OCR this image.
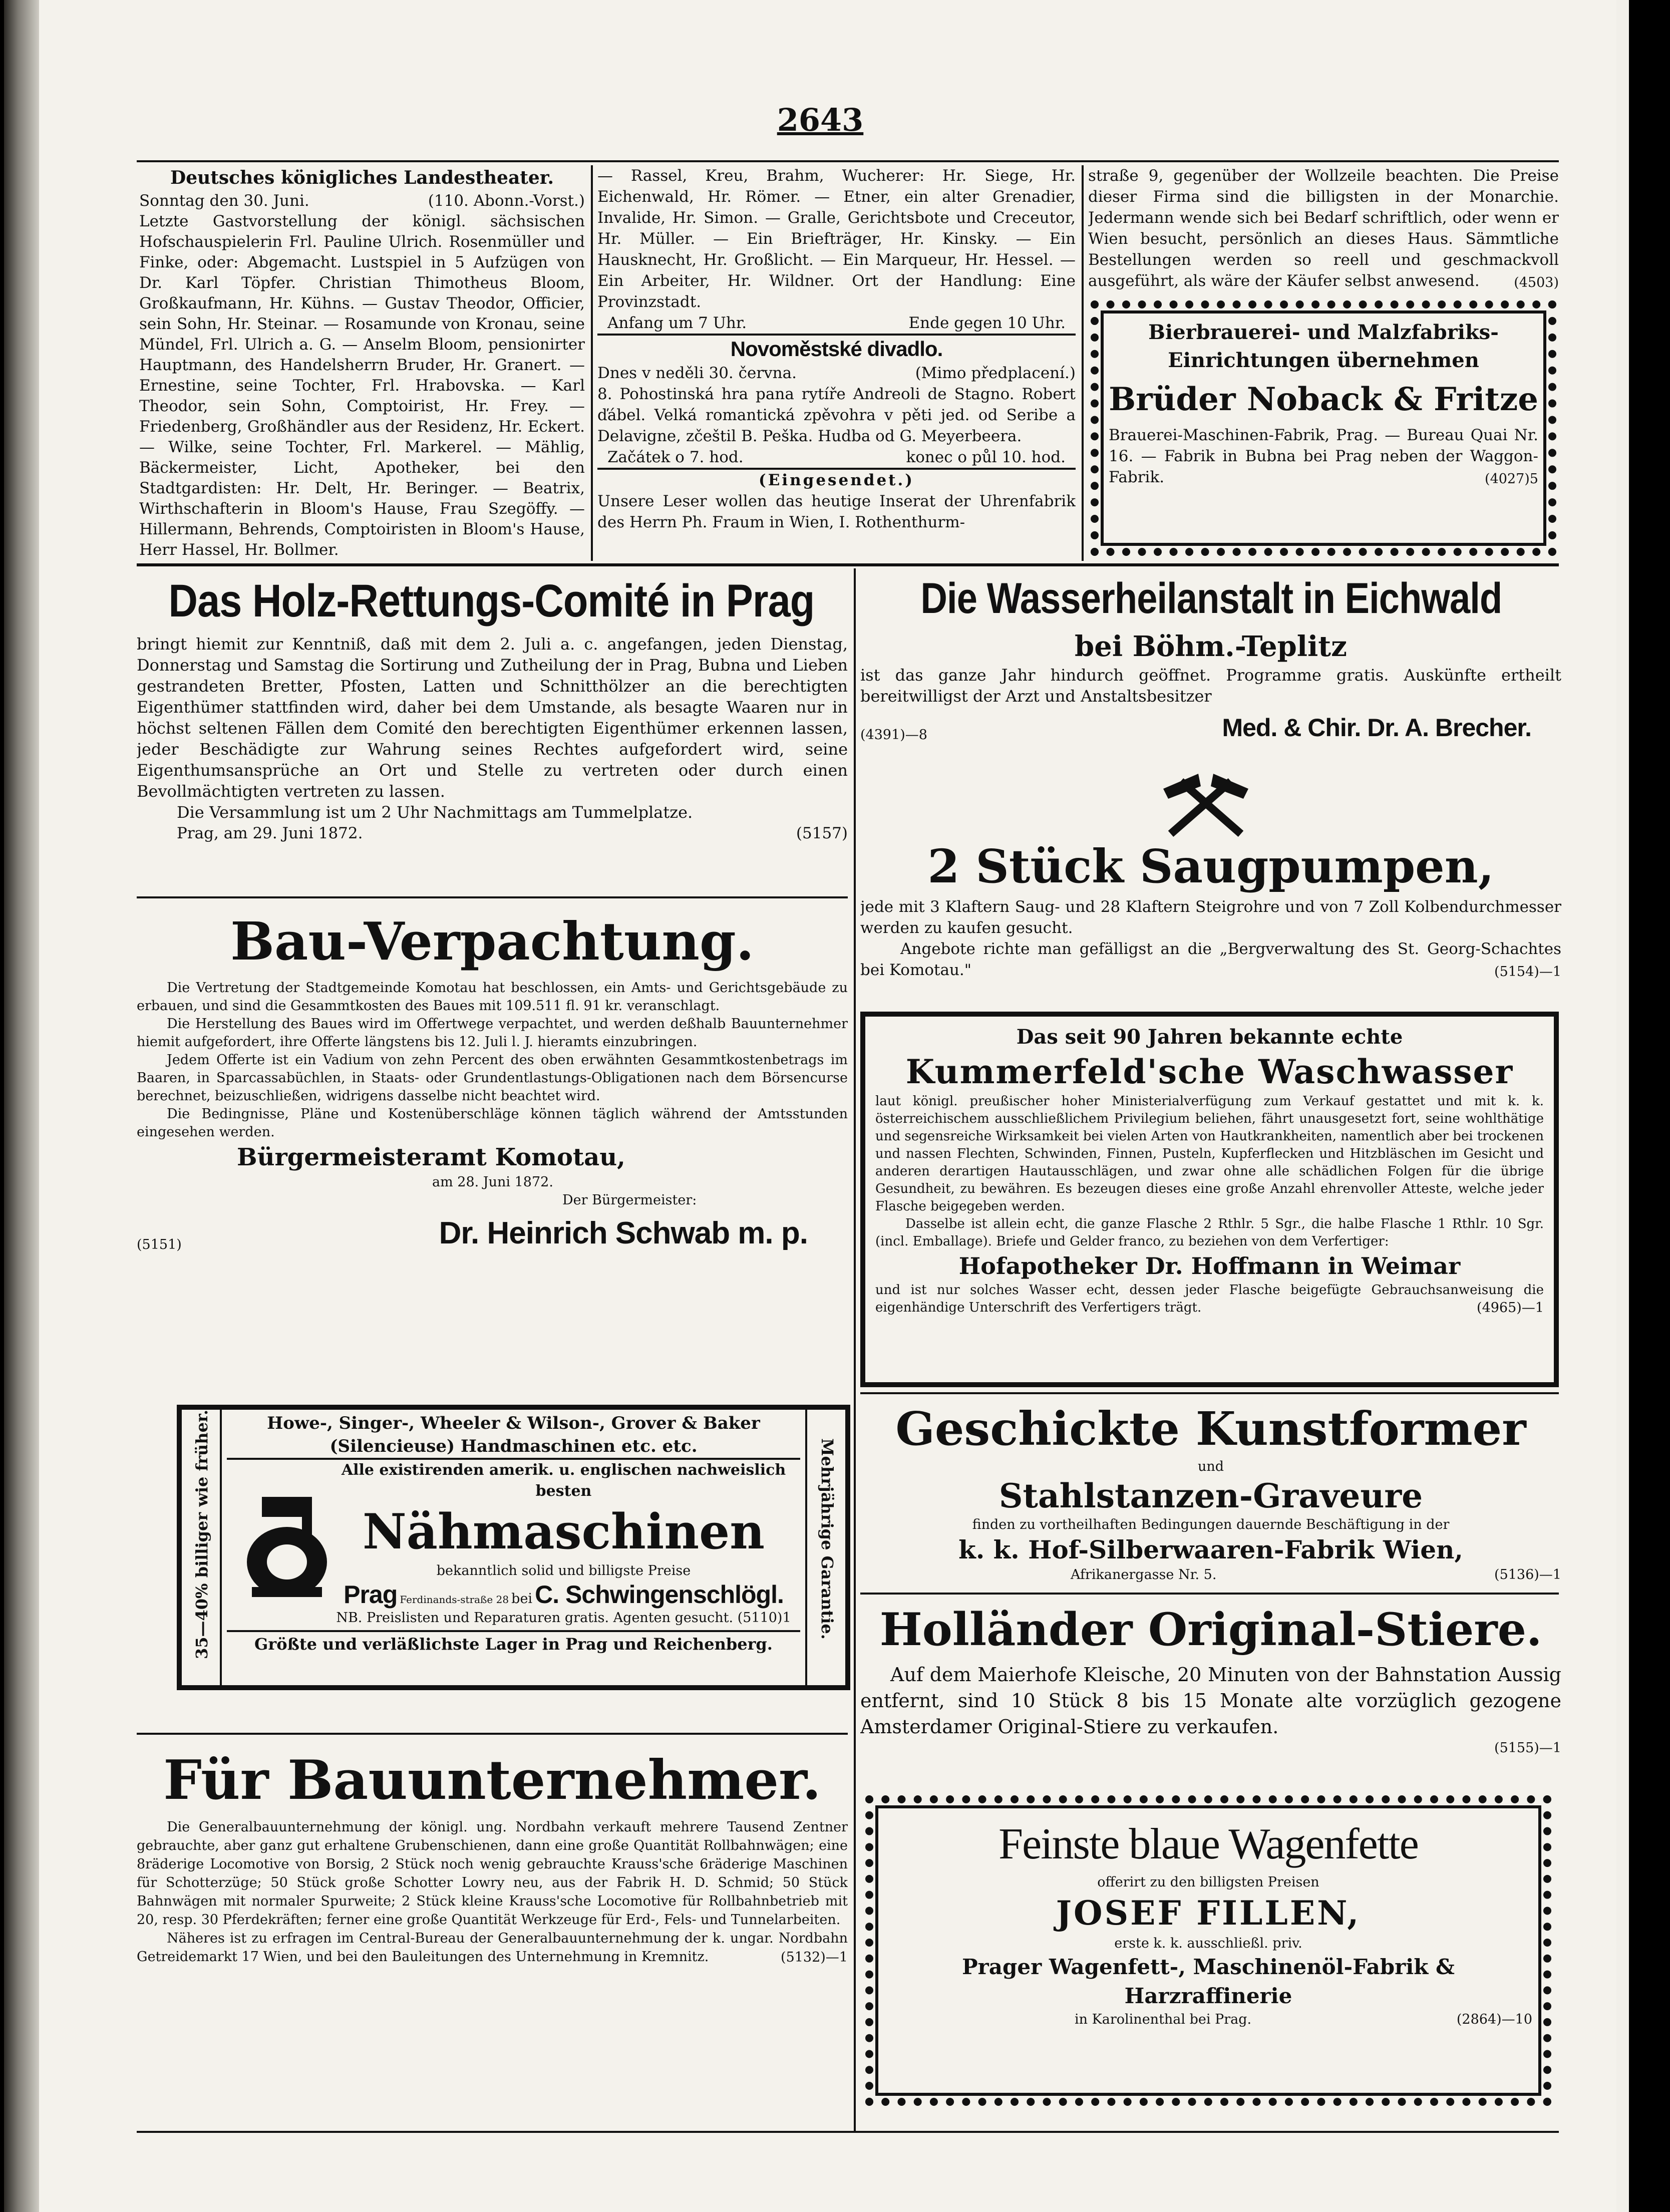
2643
Deutsches königliches Landestheater.
Sonntag den 30. Juni.	(110. Abonn.-Vorst.)
Letzte Gastvorstellung der königl. sächsischen Hofschauspielerin Frl. Pauline Ulrich. Rosenmüller und Finke, oder: Abgemacht. Lustspiel in 5 Aufzügen von Dr. Karl Töpfer. Christian Thimotheus Bloom, Großkaufmann, Hr. Kühns. — Gustav Theodor, Officier, sein Sohn, Hr. Steinar. — Rosamunde von Kronau, seine Mündel, Frl. Ulrich a. G. — Anselm Bloom, pensionirter Hauptmann, des Handelsherrn Bruder, Hr. Granert. — Ernestine, seine Tochter, Frl. Hrabovska. — Karl Theodor, sein Sohn, Comptoirist, Hr. Frey. — Friedenberg, Großhändler aus der Residenz, Hr. Eckert. — Wilke, seine Tochter, Frl. Markerel. — Mählig, Bäckermeister, Licht, Apotheker, bei den Stadtgardisten: Hr. Delt, Hr. Beringer. — Beatrix, Wirthschafterin in Bloom's Hause, Frau Szegöffy. — Hillermann, Behrends, Comptoiristen in Bloom's Hause, Herr Hassel, Hr. Bollmer.
— Rassel, Kreu, Brahm, Wucherer: Hr. Siege, Hr. Eichenwald, Hr. Römer. — Etner, ein alter Grenadier, Invalide, Hr. Simon. — Gralle, Gerichtsbote und Creceutor, Hr. Müller. — Ein Briefträger, Hr. Kinsky. — Ein Hausknecht, Hr. Großlicht. — Ein Marqueur, Hr. Hessel. — Ein Arbeiter, Hr. Wildner. Ort der Handlung: Eine Provinzstadt.
Anfang um 7 Uhr.	Ende gegen 10 Uhr.
Novoměstské divadlo.
Dnes v neděli 30. června.	(Mimo předplacení.)
8. Pohostinská hra pana rytíře Andreoli de Stagno. Robert ďábel. Velká romantická zpěvohra v pěti jed. od Seribe a Delavigne, zčeštil B. Peška. Hudba od G. Meyerbeera.
Začátek o 7. hod.	konec o půl 10. hod.
(Eingesendet.)
Unsere Leser wollen das heutige Inserat der Uhrenfabrik des Herrn Ph. Fraum in Wien, I. Rothenthurm-
straße 9, gegenüber der Wollzeile beachten. Die Preise dieser Firma sind die billigsten in der Monarchie. Jedermann wende sich bei Bedarf schriftlich, oder wenn er Wien besucht, persönlich an dieses Haus. Sämmtliche Bestellungen werden so reell und geschmackvoll ausgeführt, als wäre der Käufer selbst anwesend.	(4503)
Bierbrauerei- und Malzfabriks-
Einrichtungen übernehmen
Brüder Noback & Fritze
Brauerei-Maschinen-Fabrik, Prag. — Bureau Quai Nr. 16. — Fabrik in Bubna bei Prag neben der Waggon-Fabrik.	(4027)5
Das Holz-Rettungs-Comité in Prag
bringt hiemit zur Kenntniß, daß mit dem 2. Juli a. c. angefangen, jeden Dienstag, Donnerstag und Samstag die Sortirung und Zutheilung der in Prag, Bubna und Lieben gestrandeten Bretter, Pfosten, Latten und Schnitthölzer an die berechtigten Eigenthümer stattfinden wird, daher bei dem Umstande, als besagte Waaren nur in höchst seltenen Fällen dem Comité den berechtigten Eigenthümer erkennen lassen, jeder Beschädigte zur Wahrung seines Rechtes aufgefordert wird, seine Eigenthumsansprüche an Ort und Stelle zu vertreten oder durch einen Bevollmächtigten vertreten zu lassen.
Die Versammlung ist um 2 Uhr Nachmittags am Tummelplatze.
Prag, am 29. Juni 1872.	(5157)
Die Wasserheilanstalt in Eichwald
bei Böhm.-Teplitz
ist das ganze Jahr hindurch geöffnet. Programme gratis. Auskünfte ertheilt bereitwilligst der Arzt und Anstaltsbesitzer
(4391)—8	Med. & Chir. Dr. A. Brecher.
2 Stück Saugpumpen,
jede mit 3 Klaftern Saug- und 28 Klaftern Steigrohre und von 7 Zoll Kolbendurchmesser werden zu kaufen gesucht.
Angebote richte man gefälligst an die „Bergverwaltung des St. Georg-Schachtes bei Komotau."	(5154)—1
Bau-Verpachtung.
Die Vertretung der Stadtgemeinde Komotau hat beschlossen, ein Amts- und Gerichtsgebäude zu erbauen, und sind die Gesammtkosten des Baues mit 109.511 fl. 91 kr. veranschlagt.
Die Herstellung des Baues wird im Offertwege verpachtet, und werden deßhalb Bauunternehmer hiemit aufgefordert, ihre Offerte längstens bis 12. Juli l. J. hieramts einzubringen.
Jedem Offerte ist ein Vadium von zehn Percent des oben erwähnten Gesammtkostenbetrags im Baaren, in Sparcassabüchlen, in Staats- oder Grundentlastungs-Obligationen nach dem Börsencurse berechnet, beizuschließen, widrigens dasselbe nicht beachtet wird.
Die Bedingnisse, Pläne und Kostenüberschläge können täglich während der Amtsstunden eingesehen werden.
Bürgermeisteramt Komotau,
am 28. Juni 1872.
Der Bürgermeister:
(5151)	Dr. Heinrich Schwab m. p.
Das seit 90 Jahren bekannte echte
Kummerfeld'sche Waschwasser
laut königl. preußischer hoher Ministerialverfügung zum Verkauf gestattet und mit k. k. österreichischem ausschließlichem Privilegium beliehen, fährt unausgesetzt fort, seine wohlthätige und segensreiche Wirksamkeit bei vielen Arten von Hautkrankheiten, namentlich aber bei trockenen und nassen Flechten, Schwinden, Finnen, Pusteln, Kupferflecken und Hitzbläschen im Gesicht und anderen derartigen Hautausschlägen, und zwar ohne alle schädlichen Folgen für die übrige Gesundheit, zu bewähren. Es bezeugen dieses eine große Anzahl ehrenvoller Atteste, welche jeder Flasche beigegeben werden.
Dasselbe ist allein echt, die ganze Flasche 2 Rthlr. 5 Sgr., die halbe Flasche 1 Rthlr. 10 Sgr. (incl. Emballage). Briefe und Gelder franco, zu beziehen von dem Verfertiger:
Hofapotheker Dr. Hoffmann in Weimar
und ist nur solches Wasser echt, dessen jeder Flasche beigefügte Gebrauchsanweisung die eigenhändige Unterschrift des Verfertigers trägt.	(4965)—1
35—40% billiger wie früher.	Mehrjährige Garantie.
Howe-, Singer-, Wheeler & Wilson-, Grover & Baker
(Silencieuse) Handmaschinen etc. etc.
Alle existirenden amerik. u. englischen nachweislich besten
Nähmaschinen
bekanntlich solid und billigste Preise
Prag Ferdinands-straße 28 bei C. Schwingenschlögl.
NB. Preislisten und Reparaturen gratis. Agenten gesucht. (5110)1
Größte und verläßlichste Lager in Prag und Reichenberg.
Geschickte Kunstformer
und
Stahlstanzen-Graveure
finden zu vortheilhaften Bedingungen dauernde Beschäftigung in der
k. k. Hof-Silberwaaren-Fabrik Wien,
Afrikanergasse Nr. 5.	(5136)—1
Holländer Original-Stiere.
Auf dem Maierhofe Kleische, 20 Minuten von der Bahnstation Aussig entfernt, sind 10 Stück 8 bis 15 Monate alte vorzüglich gezogene Amsterdamer Original-Stiere zu verkaufen.
(5155)—1
Für Bauunternehmer.
Die Generalbauunternehmung der königl. ung. Nordbahn verkauft mehrere Tausend Zentner gebrauchte, aber ganz gut erhaltene Grubenschienen, dann eine große Quantität Rollbahnwägen; eine 8räderige Locomotive von Borsig, 2 Stück noch wenig gebrauchte Krauss'sche 6räderige Maschinen für Schotterzüge; 50 Stück große Schotter Lowry neu, aus der Fabrik H. D. Schmid; 50 Stück Bahnwägen mit normaler Spurweite; 2 Stück kleine Krauss'sche Locomotive für Rollbahnbetrieb mit 20, resp. 30 Pferdekräften; ferner eine große Quantität Werkzeuge für Erd-, Fels- und Tunnelarbeiten.
Näheres ist zu erfragen im Central-Bureau der Generalbauunternehmung der k. ungar. Nordbahn Getreidemarkt 17 Wien, und bei den Bauleitungen des Unternehmung in Kremnitz.	(5132)—1
Feinste blaue Wagenfette
offerirt zu den billigsten Preisen
JOSEF FILLEN,
erste k. k. ausschließl. priv.
Prager Wagenfett-, Maschinenöl-Fabrik &
Harzraffinerie
in Karolinenthal bei Prag.	(2864)—10
